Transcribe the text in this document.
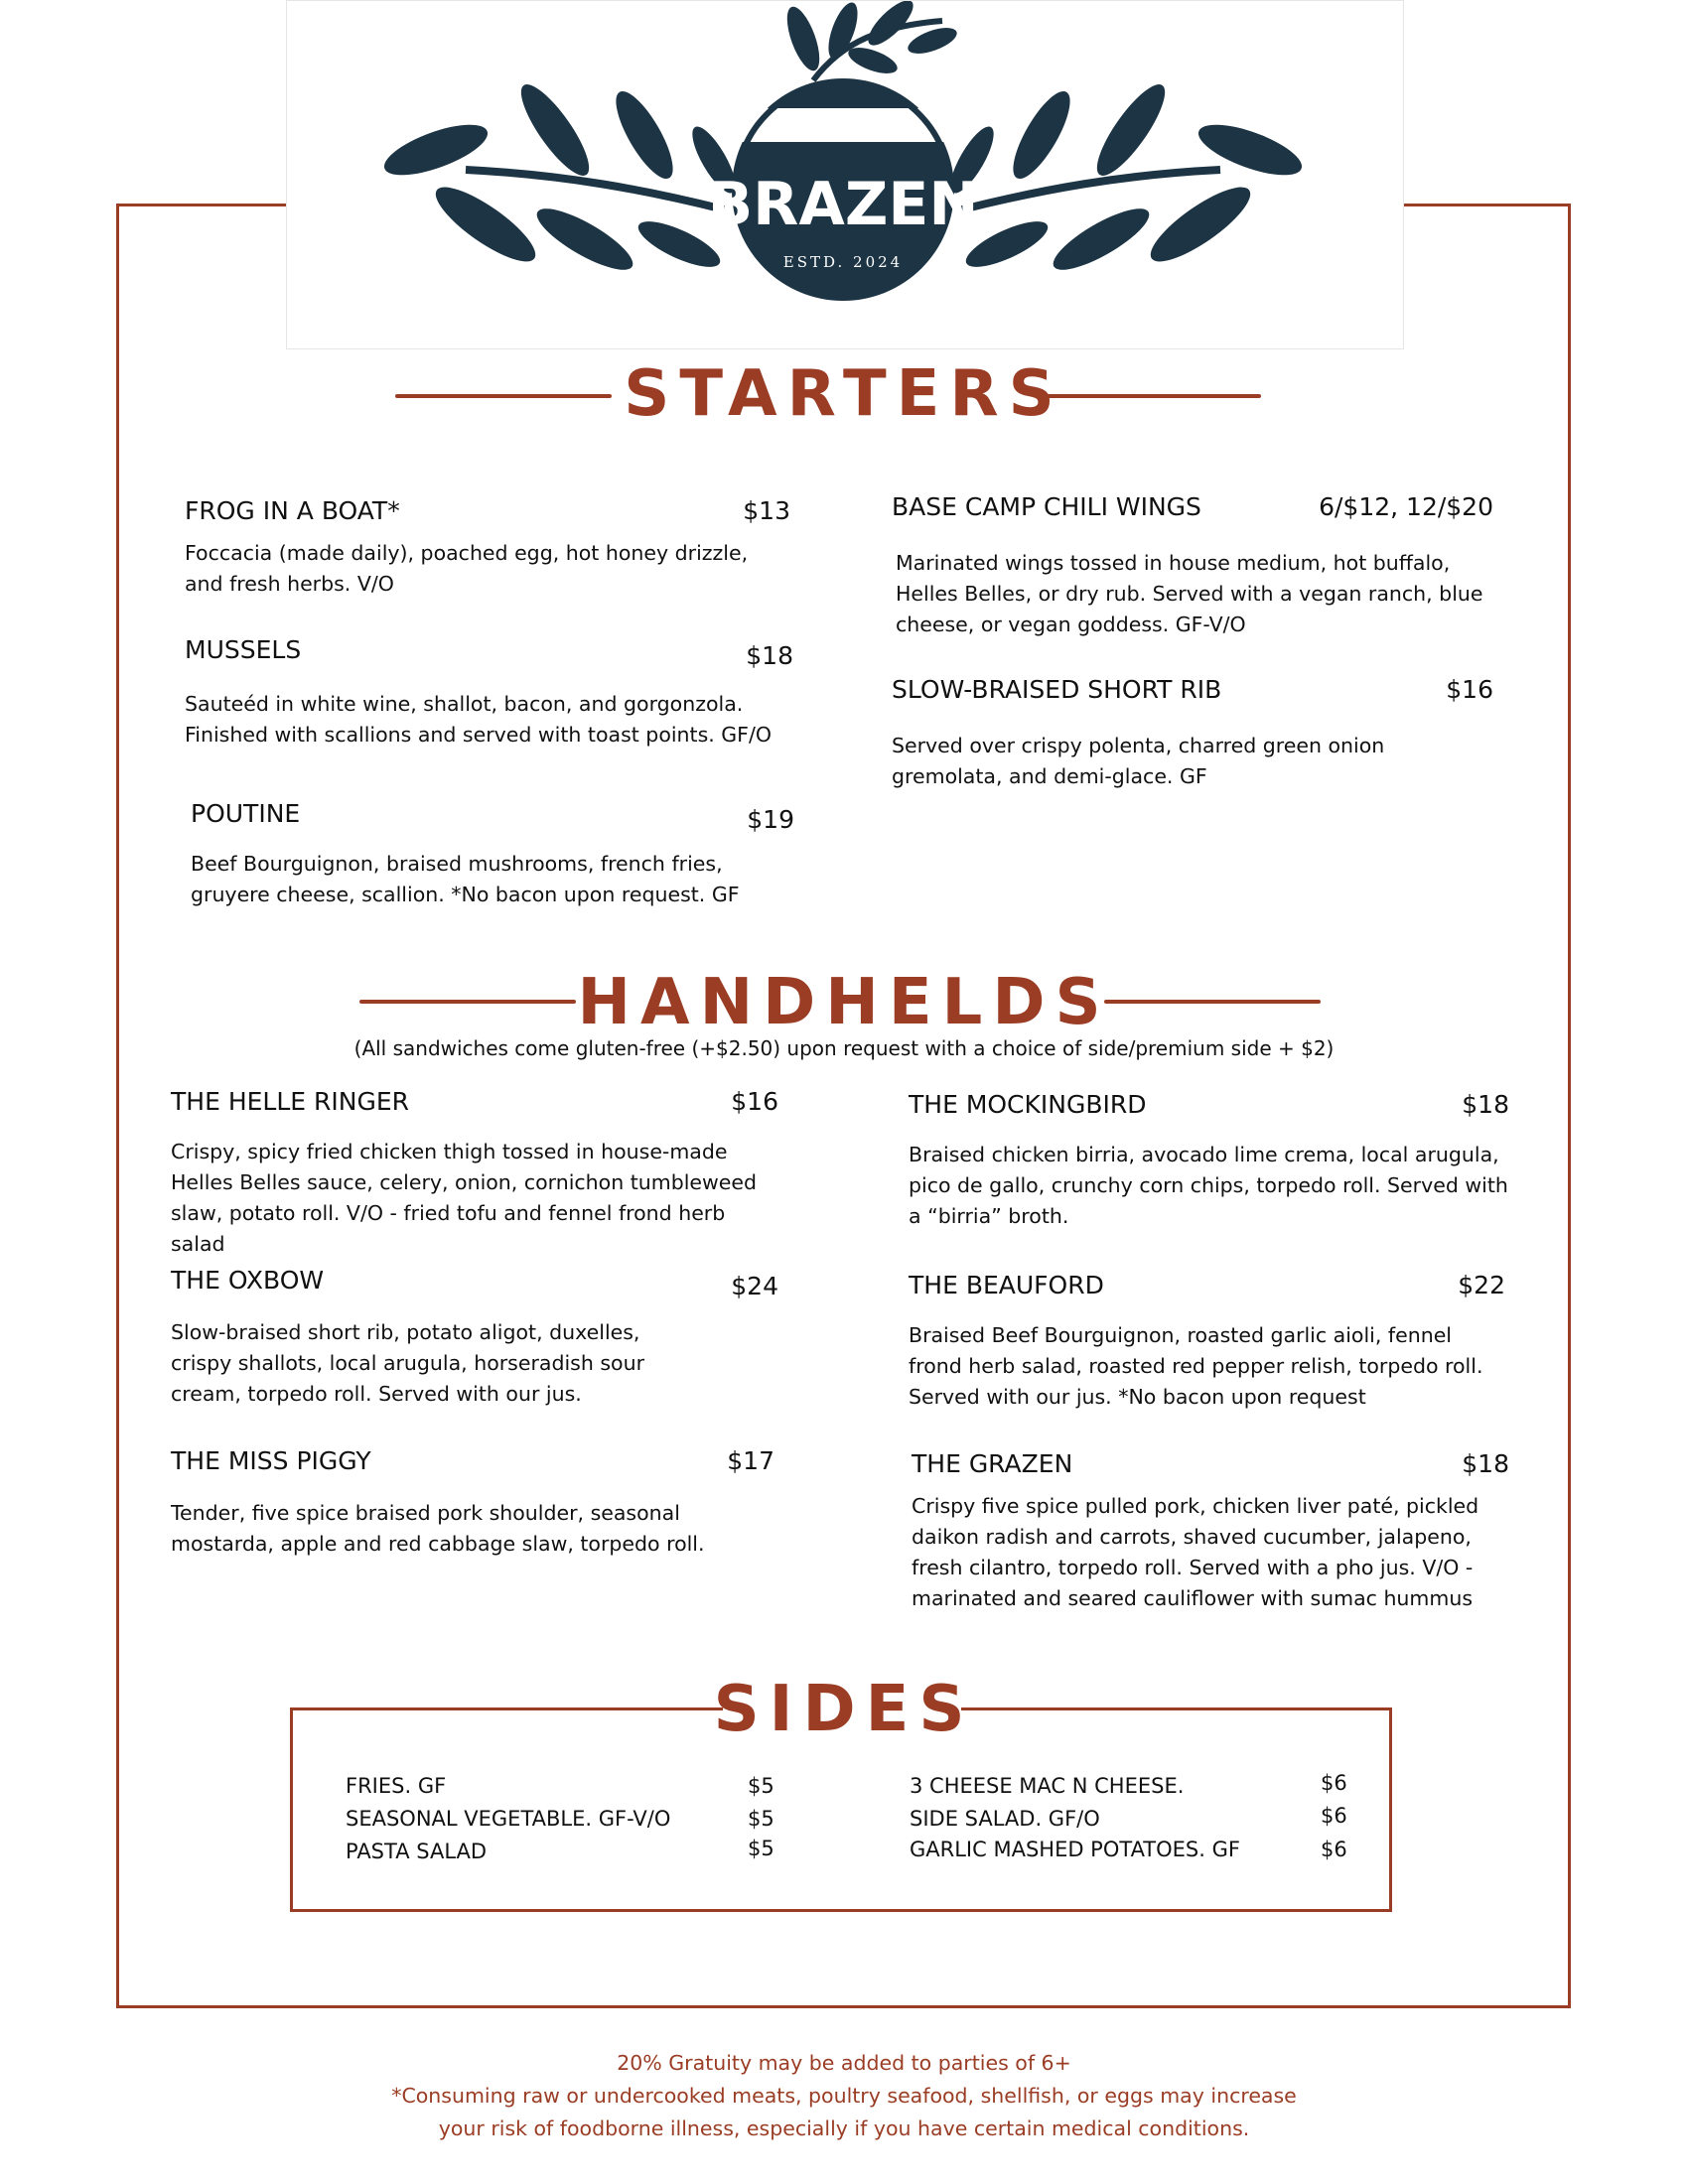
BRAZEN
ESTD. 2024
STARTERS
FROG IN A BOAT*	$13
Foccacia (made daily), poached egg, hot honey drizzle, and fresh herbs. V/O
MUSSELS	$18
Sauteéd in white wine, shallot, bacon, and gorgonzola. Finished with scallions and served with toast points. GF/O
POUTINE	$19
Beef Bourguignon, braised mushrooms, french fries, gruyere cheese, scallion. *No bacon upon request. GF
BASE CAMP CHILI WINGS	6/$12, 12/$20
Marinated wings tossed in house medium, hot buffalo, Helles Belles, or dry rub. Served with a vegan ranch, blue cheese, or vegan goddess. GF-V/O
SLOW-BRAISED SHORT RIB	$16
Served over crispy polenta, charred green onion gremolata, and demi-glace. GF
HANDHELDS
(All sandwiches come gluten-free (+$2.50) upon request with a choice of side/premium side + $2)
THE HELLE RINGER	$16
Crispy, spicy fried chicken thigh tossed in house-made Helles Belles sauce, celery, onion, cornichon tumbleweed slaw, potato roll. V/O - fried tofu and fennel frond herb salad
THE OXBOW	$24
Slow-braised short rib, potato aligot, duxelles, crispy shallots, local arugula, horseradish sour cream, torpedo roll. Served with our jus.
THE MISS PIGGY	$17
Tender, five spice braised pork shoulder, seasonal mostarda, apple and red cabbage slaw, torpedo roll.
THE MOCKINGBIRD	$18
Braised chicken birria, avocado lime crema, local arugula, pico de gallo, crunchy corn chips, torpedo roll. Served with a “birria” broth.
THE BEAUFORD	$22
Braised Beef Bourguignon, roasted garlic aioli, fennel frond herb salad, roasted red pepper relish, torpedo roll. Served with our jus. *No bacon upon request
THE GRAZEN	$18
Crispy five spice pulled pork, chicken liver paté, pickled daikon radish and carrots, shaved cucumber, jalapeno, fresh cilantro, torpedo roll. Served with a pho jus. V/O - marinated and seared cauliflower with sumac hummus
SIDES
FRIES. GF	$5
SEASONAL VEGETABLE. GF-V/O	$5
PASTA SALAD	$5
3 CHEESE MAC N CHEESE.	$6
SIDE SALAD. GF/O	$6
GARLIC MASHED POTATOES. GF	$6
20% Gratuity may be added to parties of 6+
*Consuming raw or undercooked meats, poultry seafood, shellfish, or eggs may increase
your risk of foodborne illness, especially if you have certain medical conditions.
